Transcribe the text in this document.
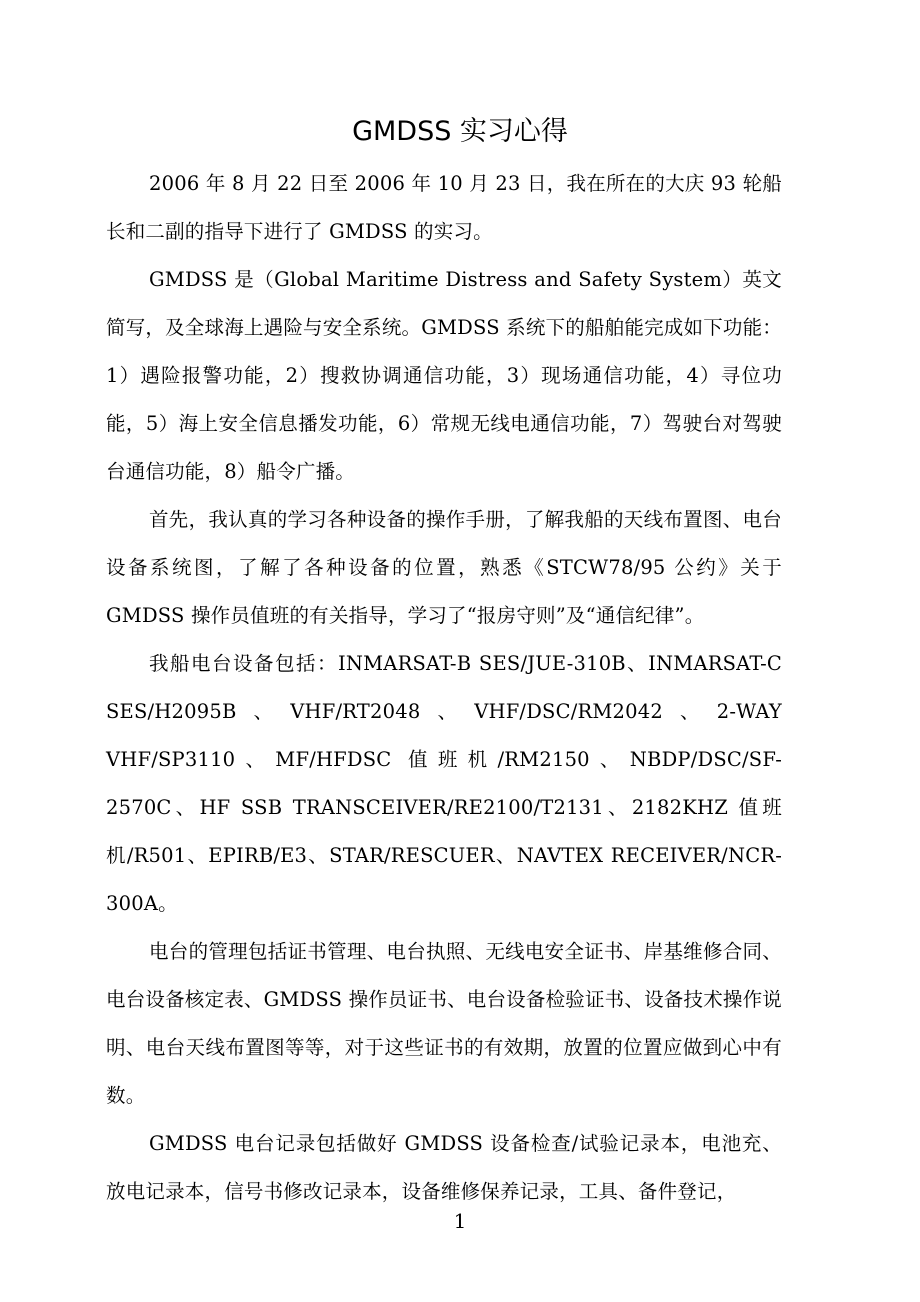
GMDSS 实习心得

2006 年 8 月 22 日至 2006 年 10 月 23 日，我在所在的大庆 93 轮船长和二副的指导下进行了 GMDSS 的实习。

GMDSS 是（Global Maritime Distress and Safety System）英文简写，及全球海上遇险与安全系统。GMDSS 系统下的船舶能完成如下功能：1）遇险报警功能，2）搜救协调通信功能，3）现场通信功能，4）寻位功能，5）海上安全信息播发功能，6）常规无线电通信功能，7）驾驶台对驾驶台通信功能，8）船令广播。

首先，我认真的学习各种设备的操作手册，了解我船的天线布置图、电台设备系统图，了解了各种设备的位置，熟悉《STCW78/95 公约》关于 GMDSS 操作员值班的有关指导，学习了“报房守则”及“通信纪律”。

我船电台设备包括：INMARSAT-B SES/JUE-310B、INMARSAT-C SES/H2095B、VHF/RT2048、VHF/DSC/RM2042、2-WAY VHF/SP3110、MF/HFDSC 值班机/RM2150、NBDP/DSC/SF-2570C、HF SSB TRANSCEIVER/RE2100/T2131、2182KHZ 值班机/R501、EPIRB/E3、STAR/RESCUER、NAVTEX RECEIVER/NCR-300A。

电台的管理包括证书管理、电台执照、无线电安全证书、岸基维修合同、电台设备核定表、GMDSS 操作员证书、电台设备检验证书、设备技术操作说明、电台天线布置图等等，对于这些证书的有效期，放置的位置应做到心中有数。

GMDSS 电台记录包括做好 GMDSS 设备检查/试验记录本，电池充、放电记录本，信号书修改记录本，设备维修保养记录，工具、备件登记，

1
